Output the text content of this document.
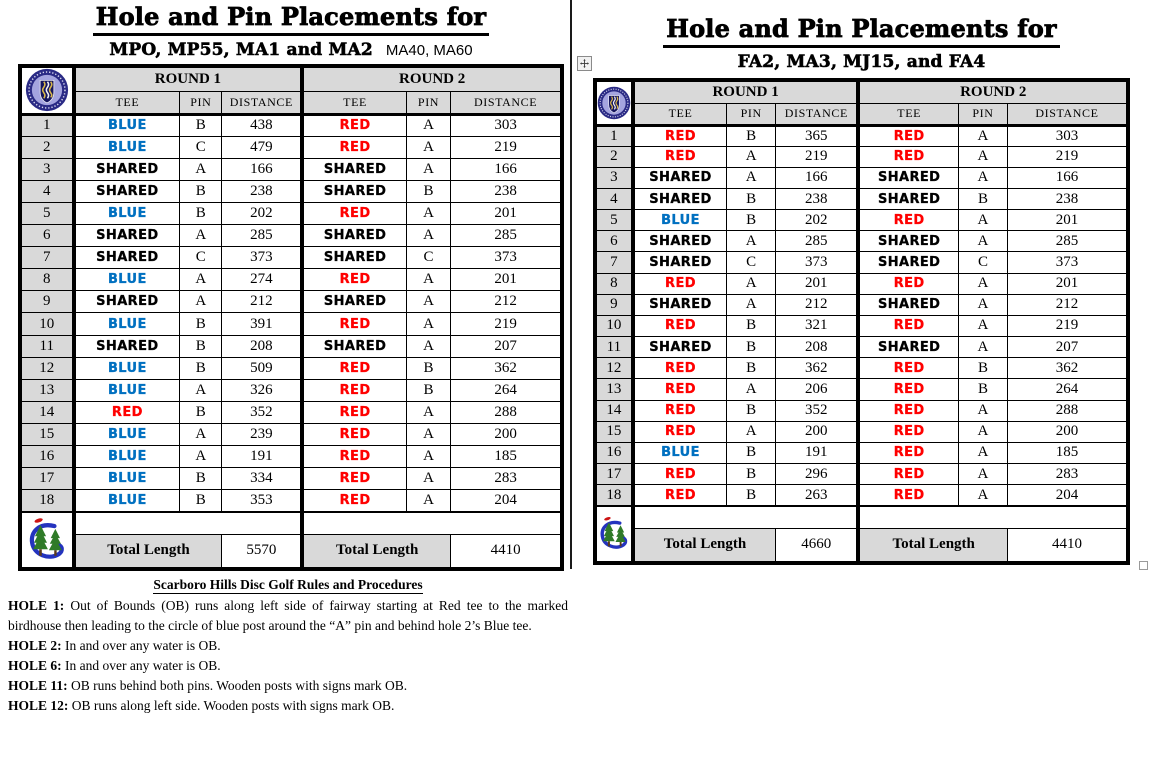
Hole and Pin Placements for
MPO, MP55, MA1 and MA2 MA40, MA60
Hole and Pin Placements for
FA2, MA3, MJ15, and FA4
	ROUND 1			ROUND 2		
	TEE	PIN	DISTANCE	TEE	PIN	DISTANCE
1	BLUE	B	438	RED	A	303
2	BLUE	C	479	RED	A	219
3	SHARED	A	166	SHARED	A	166
4	SHARED	B	238	SHARED	B	238
5	BLUE	B	202	RED	A	201
6	SHARED	A	285	SHARED	A	285
7	SHARED	C	373	SHARED	C	373
8	BLUE	A	274	RED	A	201
9	SHARED	A	212	SHARED	A	212
10	BLUE	B	391	RED	A	219
11	SHARED	B	208	SHARED	A	207
12	BLUE	B	509	RED	B	362
13	BLUE	A	326	RED	B	264
14	RED	B	352	RED	A	288
15	BLUE	A	239	RED	A	200
16	BLUE	A	191	RED	A	185
17	BLUE	B	334	RED	A	283
18	BLUE	B	353	RED	A	204

	Total Length		5570	Total Length		4410
	ROUND 1			ROUND 2		
	TEE	PIN	DISTANCE	TEE	PIN	DISTANCE
1	RED	B	365	RED	A	303
2	RED	A	219	RED	A	219
3	SHARED	A	166	SHARED	A	166
4	SHARED	B	238	SHARED	B	238
5	BLUE	B	202	RED	A	201
6	SHARED	A	285	SHARED	A	285
7	SHARED	C	373	SHARED	C	373
8	RED	A	201	RED	A	201
9	SHARED	A	212	SHARED	A	212
10	RED	B	321	RED	A	219
11	SHARED	B	208	SHARED	A	207
12	RED	B	362	RED	B	362
13	RED	A	206	RED	B	264
14	RED	B	352	RED	A	288
15	RED	A	200	RED	A	200
16	BLUE	B	191	RED	A	185
17	RED	B	296	RED	A	283
18	RED	B	263	RED	A	204

	Total Length		4660	Total Length		4410
Scarboro Hills Disc Golf Rules and Procedures

HOLE 1: Out of Bounds (OB) runs along left side of fairway starting at Red tee to the marked birdhouse then leading to the circle of blue post around the “A” pin and behind hole 2’s Blue tee.

HOLE 2: In and over any water is OB.

HOLE 6: In and over any water is OB.

HOLE 11: OB runs behind both pins. Wooden posts with signs mark OB.

HOLE 12: OB runs along left side. Wooden posts with signs mark OB.
